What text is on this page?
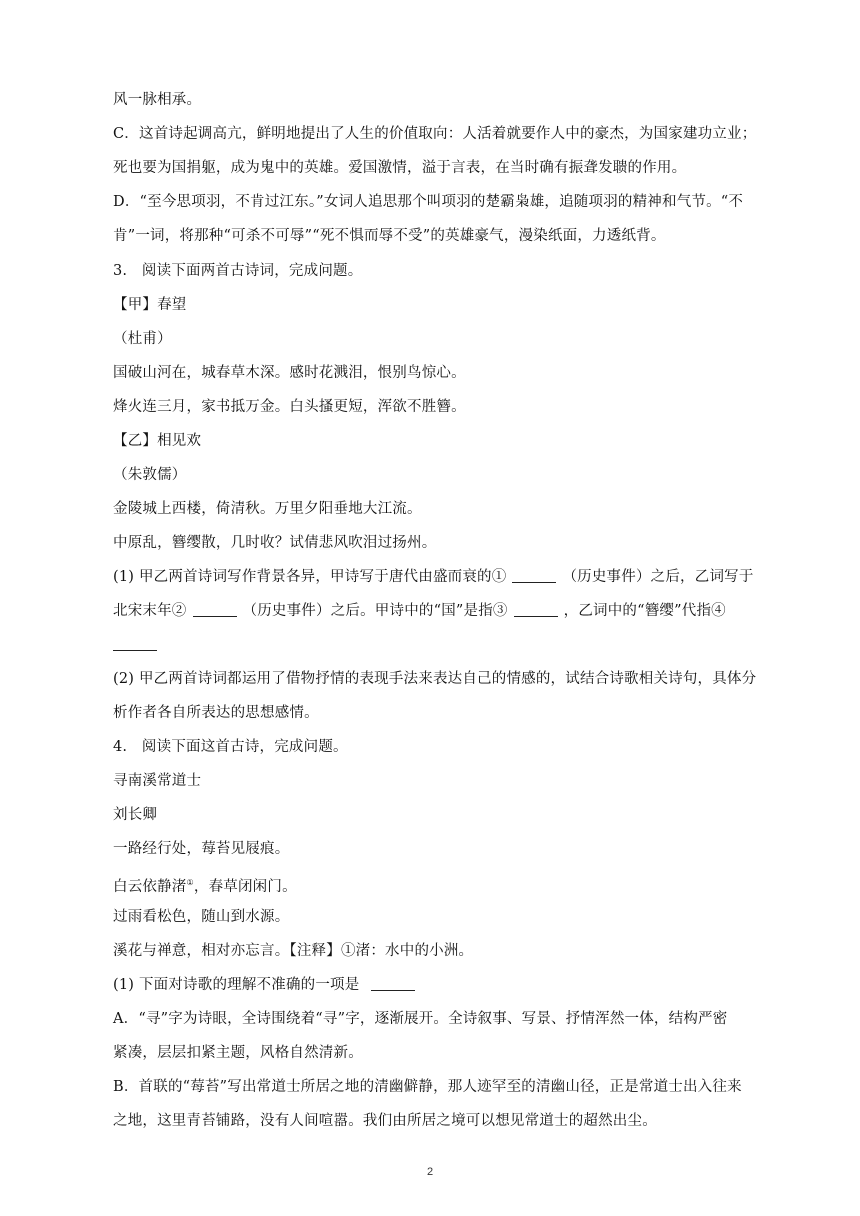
风一脉相承。
C．这首诗起调高亢，鲜明地提出了人生的价值取向：人活着就要作人中的豪杰，为国家建功立业；
死也要为国捐躯，成为鬼中的英雄。爱国激情，溢于言表，在当时确有振聋发聩的作用。
D．“至今思项羽，不肯过江东。”女词人追思那个叫项羽的楚霸枭雄，追随项羽的精神和气节。“不
肯”一词，将那种“可杀不可辱”“死不惧而辱不受”的英雄豪气，漫染纸面，力透纸背。
3.　阅读下面两首古诗词，完成问题。
【甲】春望
（杜甫）
国破山河在，城春草木深。感时花溅泪，恨别鸟惊心。
烽火连三月，家书抵万金。白头搔更短，浑欲不胜簪。
【乙】相见欢
（朱敦儒）
金陵城上西楼，倚清秋。万里夕阳垂地大江流。
中原乱，簪缨散，几时收？试倩悲风吹泪过扬州。
(1) 甲乙两首诗词写作背景各异，甲诗写于唐代由盛而衰的①	（历史事件）之后，乙词写于
北宋末年②	（历史事件）之后。甲诗中的“国”是指③	，乙词中的“簪缨”代指④
(2) 甲乙两首诗词都运用了借物抒情的表现手法来表达自己的情感的，试结合诗歌相关诗句，具体分
析作者各自所表达的思想感情。
4.　阅读下面这首古诗，完成问题。
寻南溪常道士
刘长卿
一路经行处，莓苔见屐痕。
白云依静渚①，春草闭闲门。
过雨看松色，随山到水源。
溪花与禅意，相对亦忘言。【注释】①渚：水中的小洲。
(1) 下面对诗歌的理解不准确的一项是
A．“寻”字为诗眼，全诗围绕着“寻”字，逐渐展开。全诗叙事、写景、抒情浑然一体，结构严密
紧凑，层层扣紧主题，风格自然清新。
B．首联的“莓苔”写出常道士所居之地的清幽僻静，那人迹罕至的清幽山径，正是常道士出入往来
之地，这里青苔铺路，没有人间喧嚣。我们由所居之境可以想见常道士的超然出尘。
2
